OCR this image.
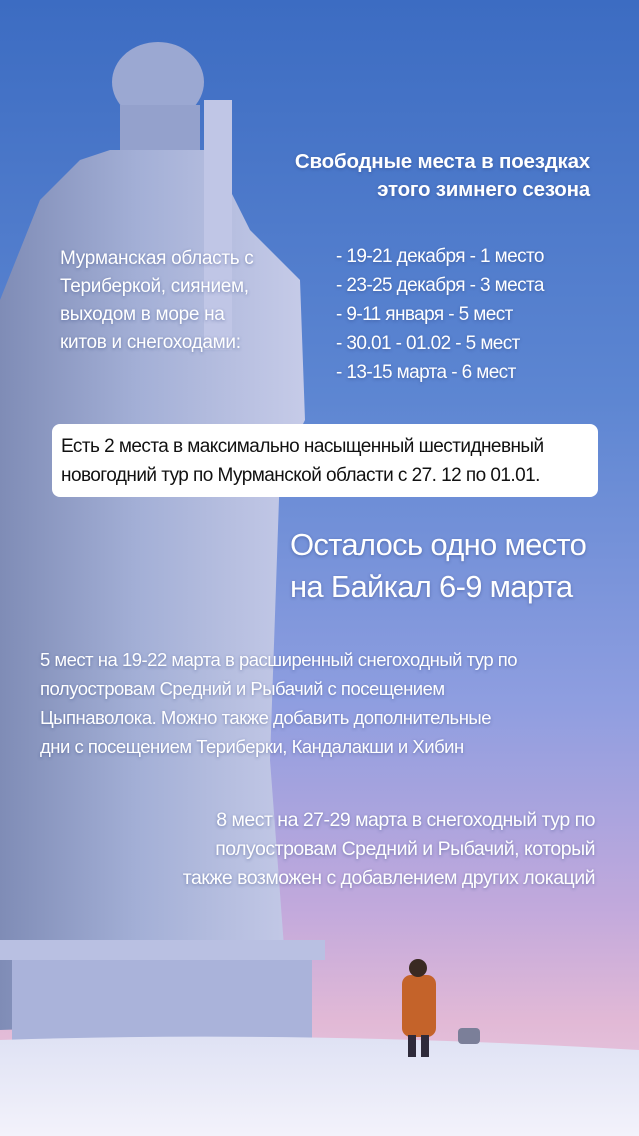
Свободные места в поездках
этого зимнего сезона
Мурманская область с
Териберкой, сиянием,
выходом в море на
китов и снегоходами:
- 19-21 декабря - 1 место
- 23-25 декабря - 3 места
- 9-11 января - 5 мест
- 30.01 - 01.02 - 5 мест
- 13-15 марта - 6 мест
Есть 2 места в максимально насыщенный шестидневный
новогодний тур по Мурманской области с 27. 12 по 01.01.
Осталось одно место
на Байкал 6-9 марта
5 мест на 19-22 марта в расширенный снегоходный тур по
полуостровам Средний и Рыбачий с посещением
Цыпнаволока. Можно также добавить дополнительные
дни с посещением Териберки, Кандалакши и Хибин
8 мест на 27-29 марта в снегоходный тур по
полуостровам Средний и Рыбачий, который
также возможен с добавлением других локаций
